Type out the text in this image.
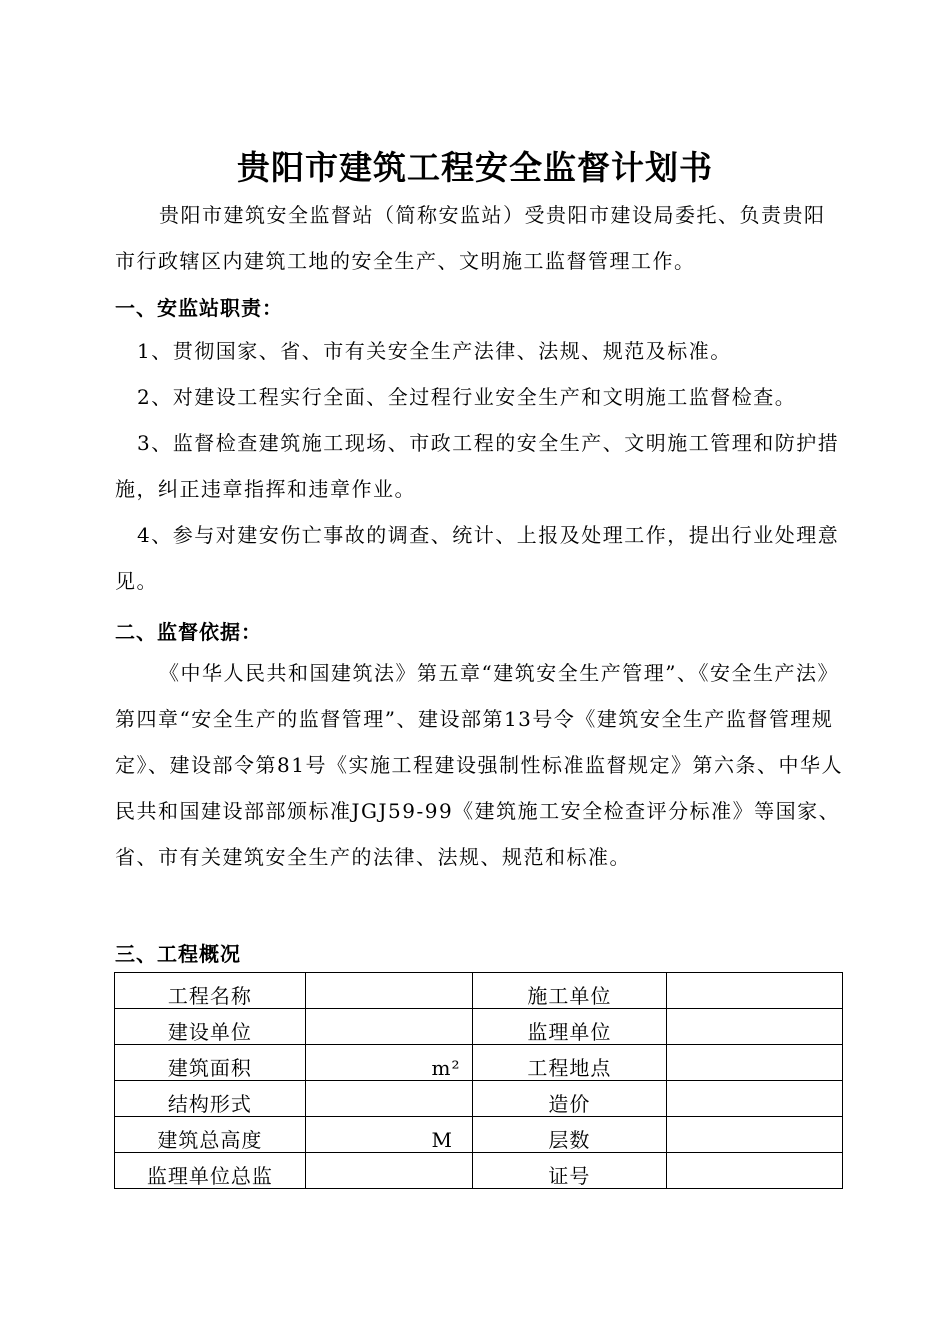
贵阳市建筑工程安全监督计划书
贵阳市建筑安全监督站（简称安监站）受贵阳市建设局委托、负责贵阳市行政辖区内建筑工地的安全生产、文明施工监督管理工作。
一、安监站职责：
1、贯彻国家、省、市有关安全生产法律、法规、规范及标准。
2、对建设工程实行全面、全过程行业安全生产和文明施工监督检查。
3、监督检查建筑施工现场、市政工程的安全生产、文明施工管理和防护措施，纠正违章指挥和违章作业。
4、参与对建安伤亡事故的调查、统计、上报及处理工作，提出行业处理意见。
二、监督依据：
《中华人民共和国建筑法》第五章“建筑安全生产管理”、《安全生产法》第四章“安全生产的监督管理”、建设部第13号令《建筑安全生产监督管理规定》、建设部令第81号《实施工程建设强制性标准监督规定》第六条、中华人民共和国建设部部颁标准JGJ59-99《建筑施工安全检查评分标准》等国家、省、市有关建筑安全生产的法律、法规、规范和标准。
三、工程概况
工程名称		施工单位	
建设单位		监理单位	
建筑面积	m²	工程地点	
结构形式		造价	
建筑总高度	M	层数	
监理单位总监		证号	
